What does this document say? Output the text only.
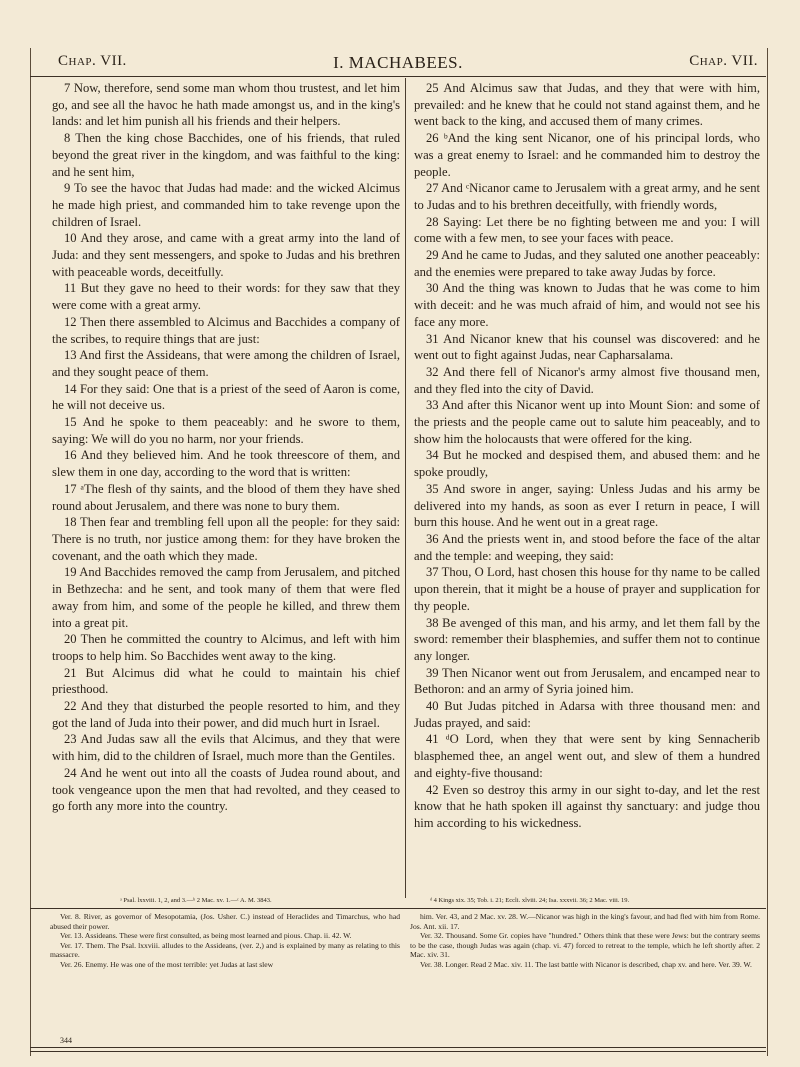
Chap. VII.	I. MACHABEES.	Chap. VII.

7 Now, therefore, send some man whom thou trustest, and let him go, and see all the havoc he hath made amongst us, and in the king's lands: and let him punish all his friends and their helpers.

8 Then the king chose Bacchides, one of his friends, that ruled beyond the great river in the kingdom, and was faithful to the king: and he sent him,

9 To see the havoc that Judas had made: and the wicked Alcimus he made high priest, and commanded him to take revenge upon the children of Israel.

10 And they arose, and came with a great army into the land of Juda: and they sent messengers, and spoke to Judas and his brethren with peaceable words, deceitfully.

11 But they gave no heed to their words: for they saw that they were come with a great army.

12 Then there assembled to Alcimus and Bacchides a company of the scribes, to require things that are just:

13 And first the Assideans, that were among the children of Israel, and they sought peace of them.

14 For they said: One that is a priest of the seed of Aaron is come, he will not deceive us.

15 And he spoke to them peaceably: and he swore to them, saying: We will do you no harm, nor your friends.

16 And they believed him. And he took threescore of them, and slew them in one day, according to the word that is written:

17 ᵃThe flesh of thy saints, and the blood of them they have shed round about Jerusalem, and there was none to bury them.

18 Then fear and trembling fell upon all the people: for they said: There is no truth, nor justice among them: for they have broken the covenant, and the oath which they made.

19 And Bacchides removed the camp from Jerusalem, and pitched in Bethzecha: and he sent, and took many of them that were fled away from him, and some of the people he killed, and threw them into a great pit.

20 Then he committed the country to Alcimus, and left with him troops to help him. So Bacchides went away to the king.

21 But Alcimus did what he could to maintain his chief priesthood.

22 And they that disturbed the people resorted to him, and they got the land of Juda into their power, and did much hurt in Israel.

23 And Judas saw all the evils that Alcimus, and they that were with him, did to the children of Israel, much more than the Gentiles.

24 And he went out into all the coasts of Judea round about, and took vengeance upon the men that had revolted, and they ceased to go forth any more into the country.

25 And Alcimus saw that Judas, and they that were with him, prevailed: and he knew that he could not stand against them, and he went back to the king, and accused them of many crimes.

26 ᵇAnd the king sent Nicanor, one of his principal lords, who was a great enemy to Israel: and he commanded him to destroy the people.

27 And ᶜNicanor came to Jerusalem with a great army, and he sent to Judas and to his brethren deceitfully, with friendly words,

28 Saying: Let there be no fighting between me and you: I will come with a few men, to see your faces with peace.

29 And he came to Judas, and they saluted one another peaceably: and the enemies were prepared to take away Judas by force.

30 And the thing was known to Judas that he was come to him with deceit: and he was much afraid of him, and would not see his face any more.

31 And Nicanor knew that his counsel was discovered: and he went out to fight against Judas, near Capharsalama.

32 And there fell of Nicanor's army almost five thousand men, and they fled into the city of David.

33 And after this Nicanor went up into Mount Sion: and some of the priests and the people came out to salute him peaceably, and to show him the holocausts that were offered for the king.

34 But he mocked and despised them, and abused them: and he spoke proudly,

35 And swore in anger, saying: Unless Judas and his army be delivered into my hands, as soon as ever I return in peace, I will burn this house. And he went out in a great rage.

36 And the priests went in, and stood before the face of the altar and the temple: and weeping, they said:

37 Thou, O Lord, hast chosen this house for thy name to be called upon therein, that it might be a house of prayer and supplication for thy people.

38 Be avenged of this man, and his army, and let them fall by the sword: remember their blasphemies, and suffer them not to continue any longer.

39 Then Nicanor went out from Jerusalem, and encamped near to Bethoron: and an army of Syria joined him.

40 But Judas pitched in Adarsa with three thousand men: and Judas prayed, and said:

41 ᵈO Lord, when they that were sent by king Sennacherib blasphemed thee, an angel went out, and slew of them a hundred and eighty-five thousand:

42 Even so destroy this army in our sight to-day, and let the rest know that he hath spoken ill against thy sanctuary: and judge thou him according to his wickedness.

ᵃ Psal. lxxviii. 1, 2, and 3.—ᵇ 2 Mac. xv. 1.—ᶜ A. M. 3843.	ᵈ 4 Kings xix. 35; Tob. i. 21; Eccli. xlviii. 24; Isa. xxxvii. 36; 2 Mac. viii. 19.

Ver. 8. River, as governor of Mesopotamia, (Jos. Usher. C.) instead of Heraclides and Timarchus, who had abused their power.

Ver. 13. Assideans. These were first consulted, as being most learned and pious. Chap. ii. 42. W.

Ver. 17. Them. The Psal. lxxviii. alludes to the Assideans, (ver. 2,) and is explained by many as relating to this massacre.

Ver. 26. Enemy. He was one of the most terrible: yet Judas at last slew

him. Ver. 43, and 2 Mac. xv. 28. W.—Nicanor was high in the king's favour, and had fled with him from Rome. Jos. Ant. xii. 17.

Ver. 32. Thousand. Some Gr. copies have "hundred." Others think that these were Jews: but the contrary seems to be the case, though Judas was again (chap. vi. 47) forced to retreat to the temple, which he left shortly after. 2 Mac. xiv. 31.

Ver. 38. Longer. Read 2 Mac. xiv. 11. The last battle with Nicanor is described, chap xv. and here. Ver. 39. W.

344
